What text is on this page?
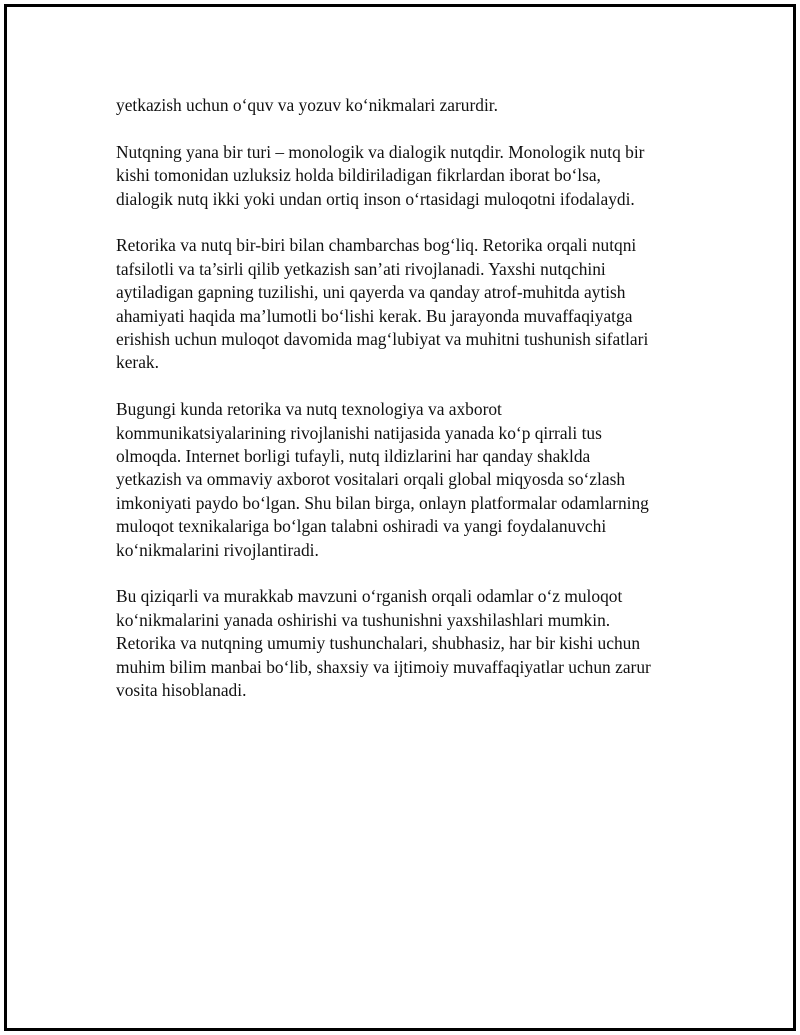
yetkazish uchun o‘quv va yozuv ko‘nikmalari zarurdir.

Nutqning yana bir turi – monologik va dialogik nutqdir. Monologik nutq bir
kishi tomonidan uzluksiz holda bildiriladigan fikrlardan iborat bo‘lsa,
dialogik nutq ikki yoki undan ortiq inson o‘rtasidagi muloqotni ifodalaydi.

Retorika va nutq bir-biri bilan chambarchas bog‘liq. Retorika orqali nutqni
tafsilotli va ta’sirli qilib yetkazish san’ati rivojlanadi. Yaxshi nutqchini
aytiladigan gapning tuzilishi, uni qayerda va qanday atrof-muhitda aytish
ahamiyati haqida ma’lumotli bo‘lishi kerak. Bu jarayonda muvaffaqiyatga
erishish uchun muloqot davomida mag‘lubiyat va muhitni tushunish sifatlari
kerak.

Bugungi kunda retorika va nutq texnologiya va axborot
kommunikatsiyalarining rivojlanishi natijasida yanada ko‘p qirrali tus
olmoqda. Internet borligi tufayli, nutq ildizlarini har qanday shaklda
yetkazish va ommaviy axborot vositalari orqali global miqyosda so‘zlash
imkoniyati paydo bo‘lgan. Shu bilan birga, onlayn platformalar odamlarning
muloqot texnikalariga bo‘lgan talabni oshiradi va yangi foydalanuvchi
ko‘nikmalarini rivojlantiradi.

Bu qiziqarli va murakkab mavzuni o‘rganish orqali odamlar o‘z muloqot
ko‘nikmalarini yanada oshirishi va tushunishni yaxshilashlari mumkin.
Retorika va nutqning umumiy tushunchalari, shubhasiz, har bir kishi uchun
muhim bilim manbai bo‘lib, shaxsiy va ijtimoiy muvaffaqiyatlar uchun zarur
vosita hisoblanadi.
